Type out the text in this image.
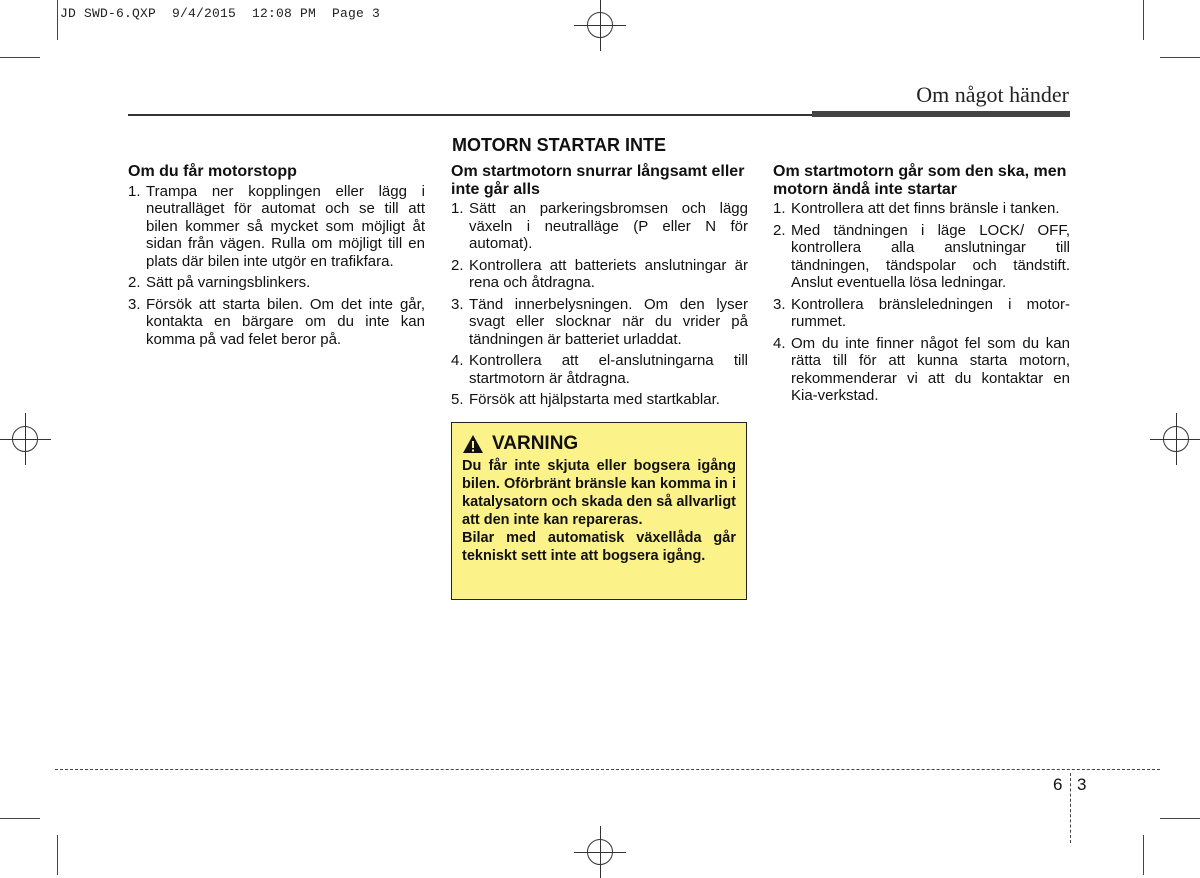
JD SWD-6.QXP  9/4/2015  12:08 PM  Page 3
Om något händer
MOTORN STARTAR INTE
Om du får motorstopp
1. Trampa ner kopplingen eller lägg i neutralläget för automat och se till att bilen kommer så mycket som möjligt åt sidan från vägen. Rulla om möjligt till en plats där bilen inte utgör en trafikfara.
2. Sätt på varningsblinkers.
3. Försök att starta bilen. Om det inte går, kontakta en bärgare om du inte kan komma på vad felet beror på.
Om startmotorn snurrar långsamt eller inte går alls
1. Sätt an parkeringsbromsen och lägg växeln i neutralläge (P eller N för automat).
2. Kontrollera att batteriets anslutningar är rena och åtdragna.
3. Tänd innerbelysningen. Om den lyser svagt eller slocknar när du vrider på tändningen är batteriet urladdat.
4. Kontrollera att el-anslutningarna till startmotorn är åtdragna.
5. Försök att hjälpstarta med startkablar.
Om startmotorn går som den ska, men motorn ändå inte startar
1. Kontrollera att det finns bränsle i tanken.
2. Med tändningen i läge LOCK/ OFF, kontrollera alla anslutningar till tändningen, tändspolar och tändstift. Anslut eventuella lösa ledningar.
3. Kontrollera bränsleledningen i motor-rummet.
4. Om du inte finner något fel som du kan rätta till för att kunna starta motorn, rekommenderar vi att du kontaktar en Kia-verkstad.
VARNING

Du får inte skjuta eller bogsera igång bilen. Oförbränt bränsle kan komma in i katalysatorn och skada den så allvarligt att den inte kan repareras.

Bilar med automatisk växellåda går tekniskt sett inte att bogsera igång.

6 3
